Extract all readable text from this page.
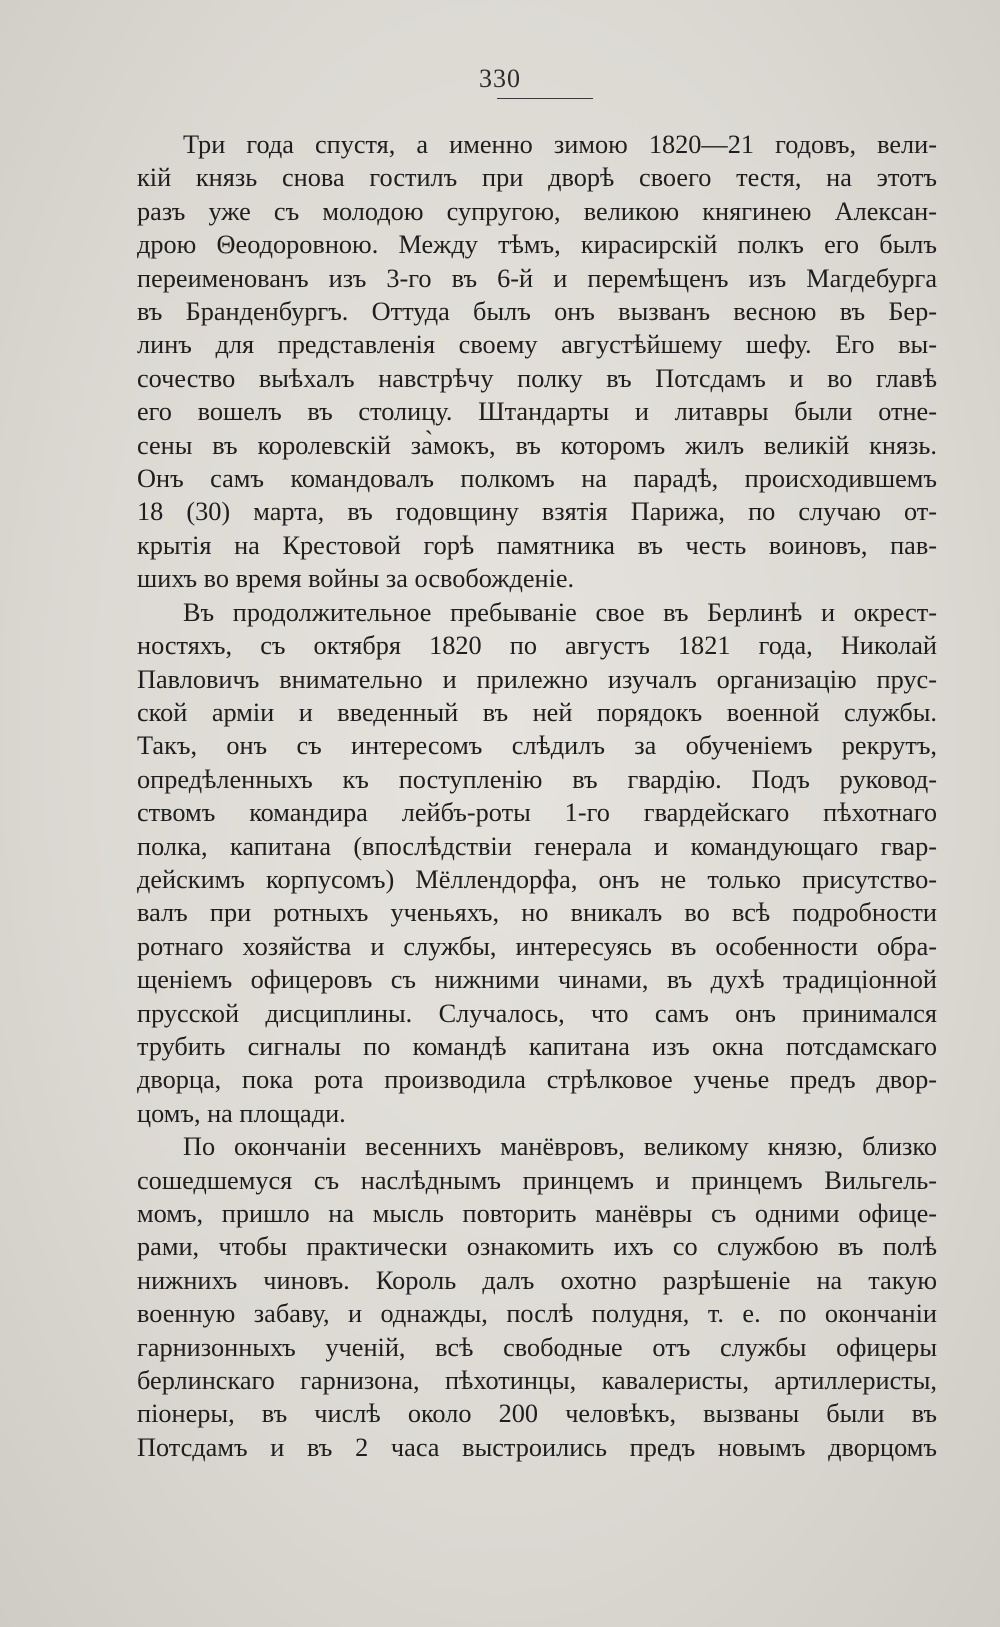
330

Три года спустя, а именно зимою 1820—21 годовъ, вели-
кій князь снова гостилъ при дворѣ своего тестя, на этотъ
разъ уже съ молодою супругою, великою княгинею Алексан-
дрою Θеодоровною. Между тѣмъ, кирасирскій полкъ его былъ
переименованъ изъ 3-го въ 6-й и перемѣщенъ изъ Магдебурга
въ Бранденбургъ. Оттуда былъ онъ вызванъ весною въ Бер-
линъ для представленія своему августѣйшему шефу. Его вы-
сочество выѣхалъ навстрѣчу полку въ Потсдамъ и во главѣ
его вошелъ въ столицу. Штандарты и литавры были отне-
сены въ королевскій за̀мокъ, въ которомъ жилъ великій князь.
Онъ самъ командовалъ полкомъ на парадѣ, происходившемъ
18 (30) марта, въ годовщину взятія Парижа, по случаю от-
крытія на Крестовой горѣ памятника въ честь воиновъ, пав-
шихъ во время войны за освобожденіе.

Въ продолжительное пребываніе свое въ Берлинѣ и окрест-
ностяхъ, съ октября 1820 по августъ 1821 года, Николай
Павловичъ внимательно и прилежно изучалъ организацію прус-
ской арміи и введенный въ ней порядокъ военной службы.
Такъ, онъ съ интересомъ слѣдилъ за обученіемъ рекрутъ,
опредѣленныхъ къ поступленію въ гвардію. Подъ руковод-
ствомъ командира лейбъ-роты 1-го гвардейскаго пѣхотнаго
полка, капитана (впослѣдствіи генерала и командующаго гвар-
дейскимъ корпусомъ) Мёллендорфа, онъ не только присутство-
валъ при ротныхъ ученьяхъ, но вникалъ во всѣ подробности
ротнаго хозяйства и службы, интересуясь въ особенности обра-
щеніемъ офицеровъ съ нижними чинами, въ духѣ традиціонной
прусской дисциплины. Случалось, что самъ онъ принимался
трубить сигналы по командѣ капитана изъ окна потсдамскаго
дворца, пока рота производила стрѣлковое ученье предъ двор-
цомъ, на площади.

По окончаніи весеннихъ манёвровъ, великому князю, близко
сошедшемуся съ наслѣднымъ принцемъ и принцемъ Вильгель-
момъ, пришло на мысль повторить манёвры съ одними офице-
рами, чтобы практически ознакомить ихъ со службою въ полѣ
нижнихъ чиновъ. Король далъ охотно разрѣшеніе на такую
военную забаву, и однажды, послѣ полудня, т. е. по окончаніи
гарнизонныхъ ученій, всѣ свободные отъ службы офицеры
берлинскаго гарнизона, пѣхотинцы, кавалеристы, артиллеристы,
піонеры, въ числѣ около 200 человѣкъ, вызваны были въ
Потсдамъ и въ 2 часа выстроились предъ новымъ дворцомъ
